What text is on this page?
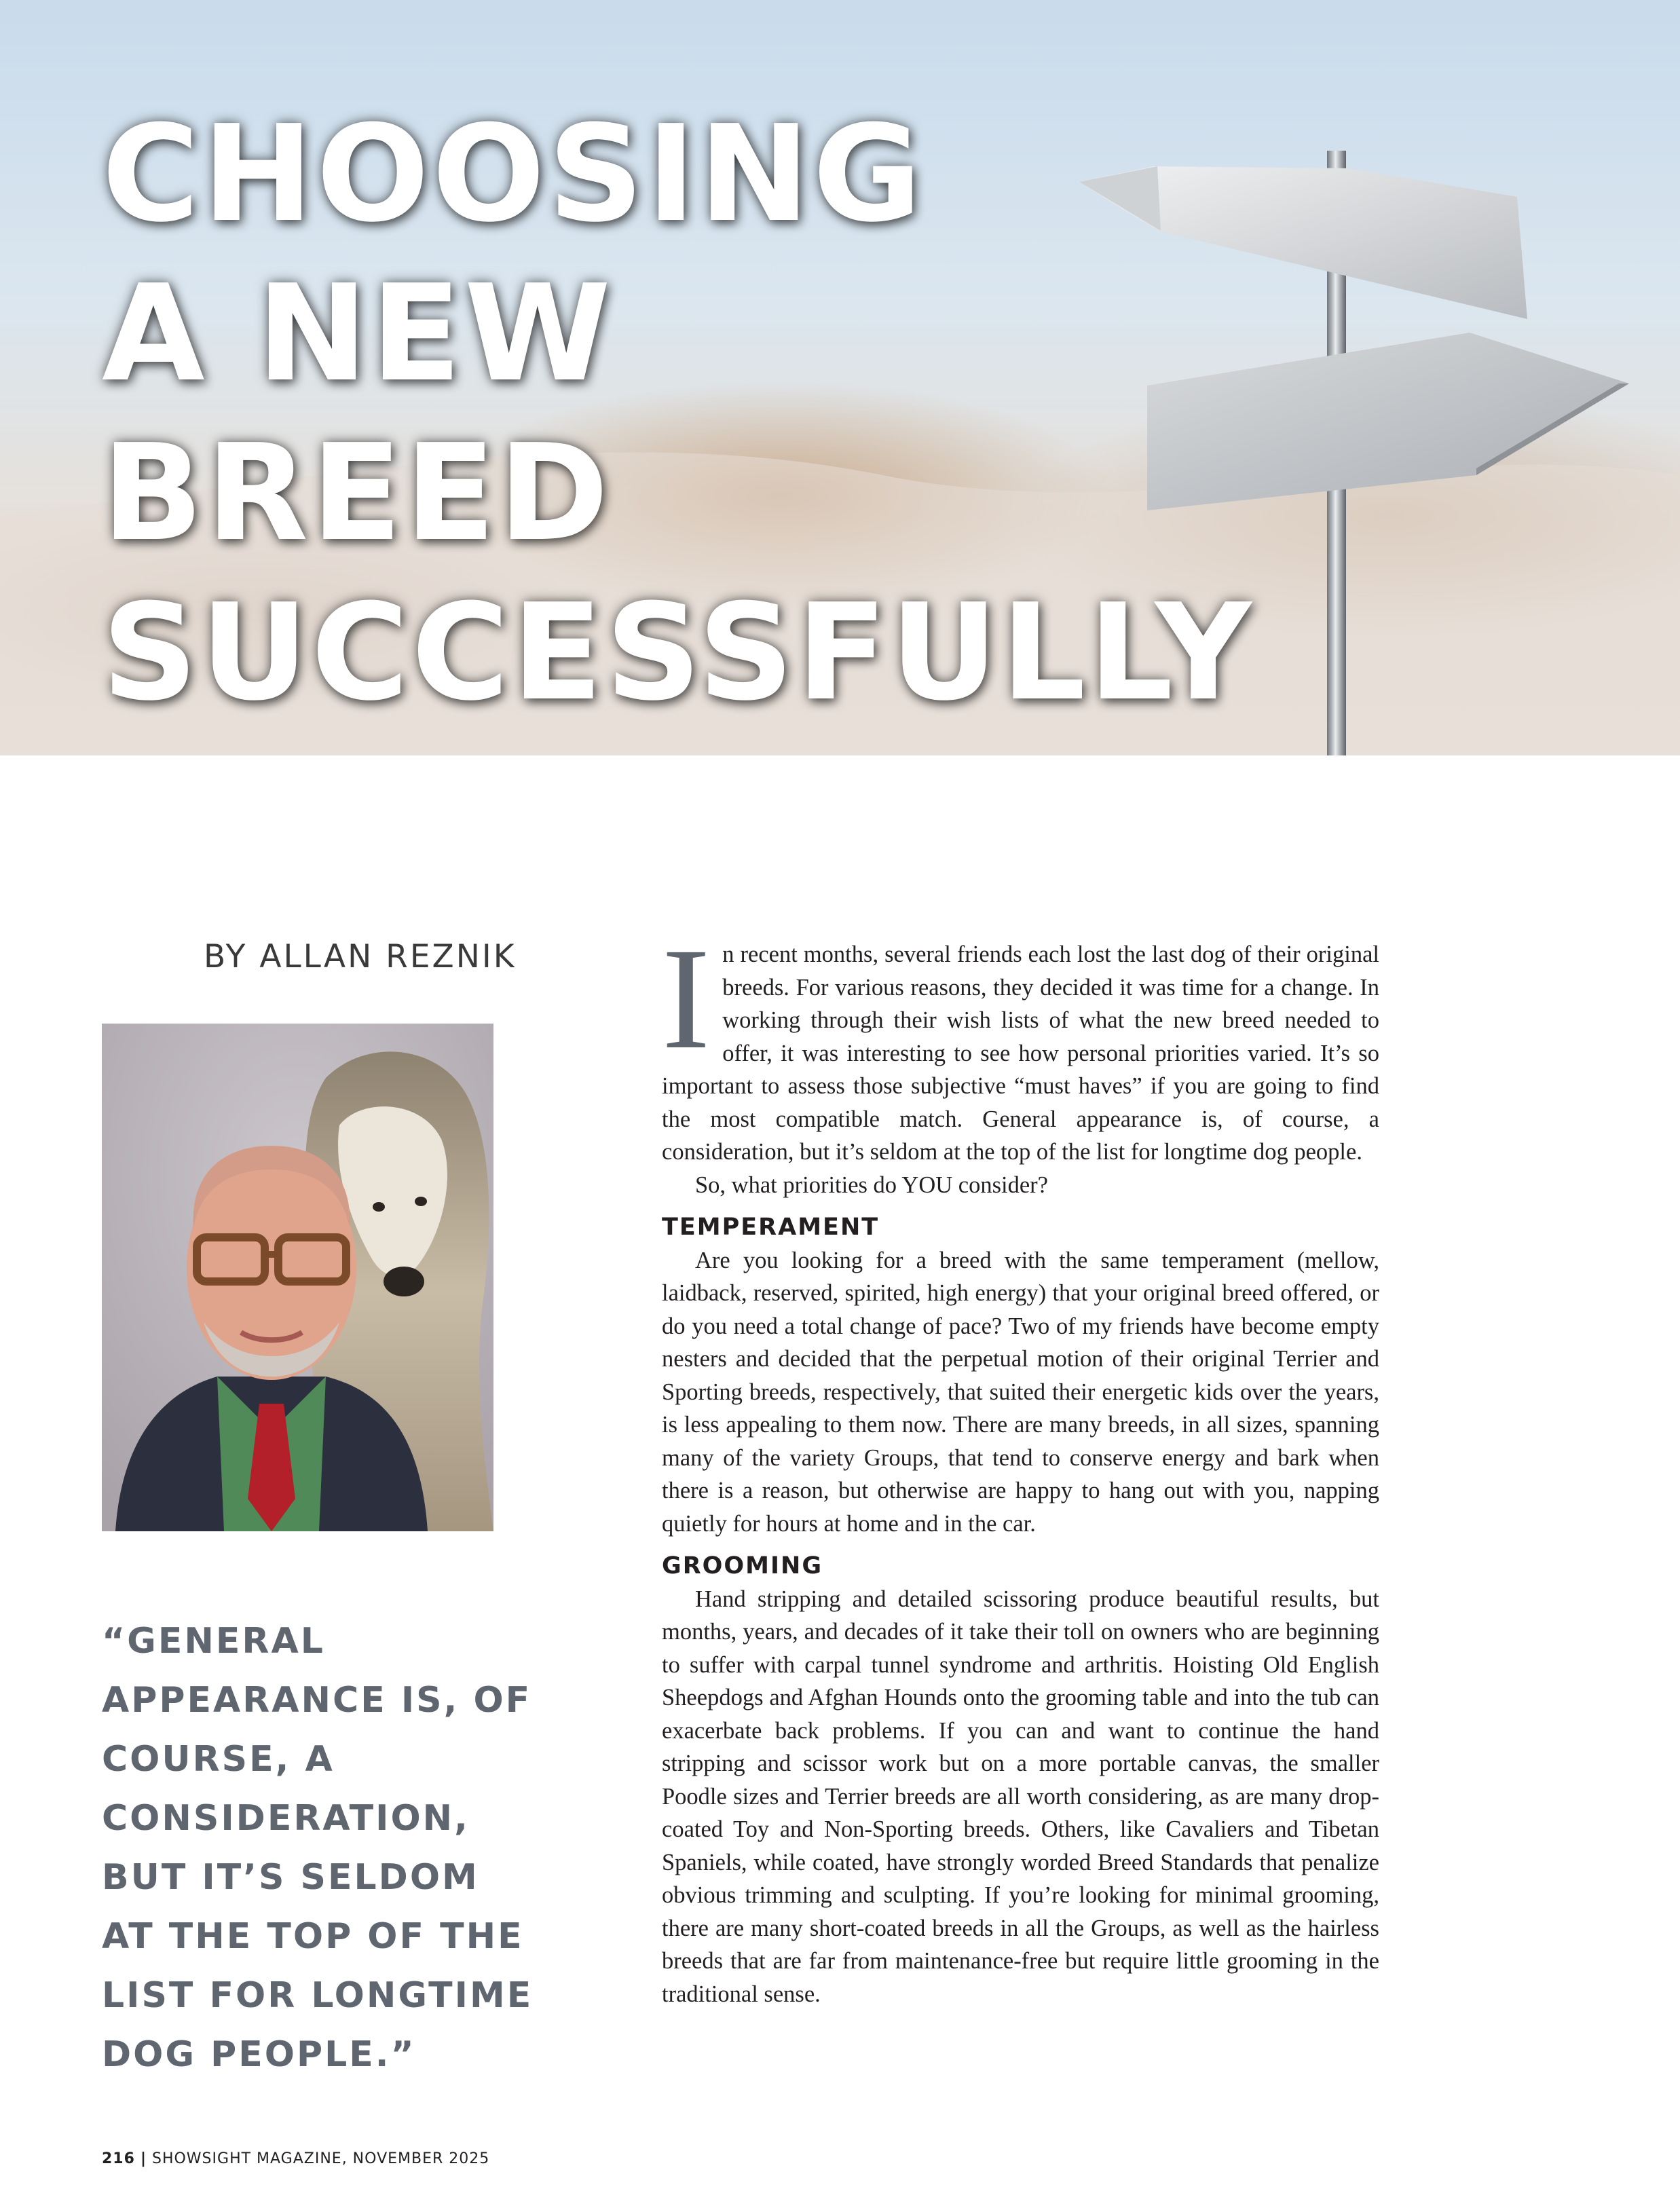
CHOOSING
A NEW
BREED
SUCCESSFULLY
BY ALLAN REZNIK

“GENERAL APPEARANCE IS, OF COURSE, A CONSIDERATION, BUT IT’S SELDOM AT THE TOP OF THE LIST FOR LONGTIME DOG PEOPLE.”

In recent months, several friends each lost the last dog of their original breeds. For various reasons, they decided it was time for a change. In working through their wish lists of what the new breed needed to offer, it was interesting to see how personal priorities varied. It’s so important to assess those subjective “must haves” if you are going to find the most compatible match. General appearance is, of course, a consideration, but it’s seldom at the top of the list for longtime dog people.

So, what priorities do YOU consider?

TEMPERAMENT

Are you looking for a breed with the same temperament (mellow, laidback, reserved, spirited, high energy) that your original breed offered, or do you need a total change of pace? Two of my friends have become empty nesters and decided that the perpetual motion of their original Terrier and Sporting breeds, respectively, that suited their energetic kids over the years, is less appealing to them now. There are many breeds, in all sizes, spanning many of the variety Groups, that tend to conserve energy and bark when there is a reason, but otherwise are happy to hang out with you, napping quietly for hours at home and in the car.

GROOMING

Hand stripping and detailed scissoring produce beautiful results, but months, years, and decades of it take their toll on owners who are beginning to suffer with carpal tunnel syndrome and arthritis. Hoisting Old English Sheepdogs and Afghan Hounds onto the grooming table and into the tub can exacerbate back problems. If you can and want to continue the hand stripping and scissor work but on a more portable canvas, the smaller Poodle sizes and Terrier breeds are all worth considering, as are many drop-coated Toy and Non-Sporting breeds. Others, like Cavaliers and Tibetan Spaniels, while coated, have strongly worded Breed Standards that penalize obvious trimming and sculpting. If you’re looking for minimal grooming, there are many short-coated breeds in all the Groups, as well as the hairless breeds that are far from maintenance-free but require little grooming in the traditional sense.

216 | SHOWSIGHT MAGAZINE, NOVEMBER 2025
